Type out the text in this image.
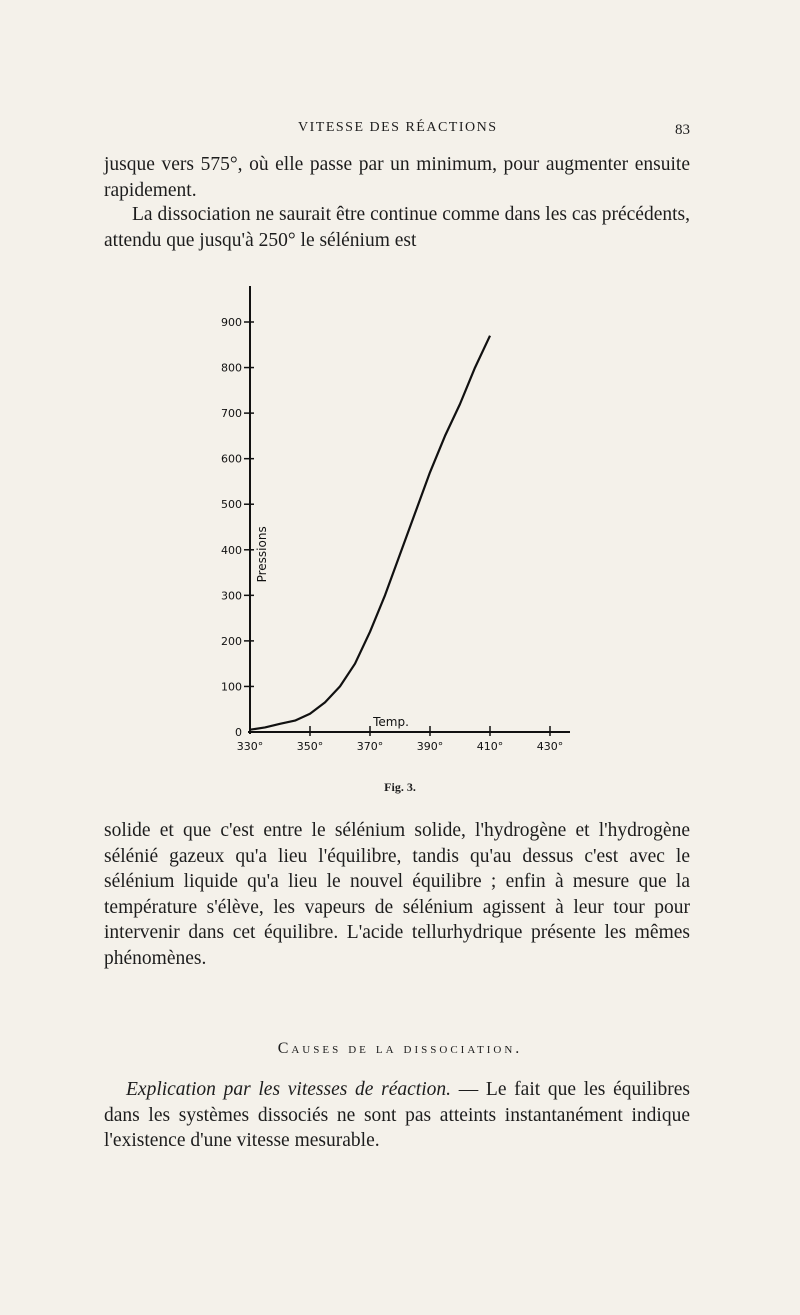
VITESSE DES RÉACTIONS	83

jusque vers 575°, où elle passe par un minimum, pour augmenter ensuite rapidement.

La dissociation ne saurait être continue comme dans les cas précédents, attendu que jusqu'à 250° le sélénium est

0
100
200
300
400
500
600
700
800
900
330°	350°	370°	390°	410°	430°
Pressions
Temp.
Fig. 3.

solide et que c'est entre le sélénium solide, l'hydrogène et l'hydrogène sélénié gazeux qu'a lieu l'équilibre, tandis qu'au dessus c'est avec le sélénium liquide qu'a lieu le nouvel équilibre ; enfin à mesure que la température s'élève, les vapeurs de sélénium agissent à leur tour pour intervenir dans cet équilibre. L'acide tellurhydrique présente les mêmes phénomènes.

Causes de la dissociation.

Explication par les vitesses de réaction. — Le fait que les équilibres dans les systèmes dissociés ne sont pas atteints instantanément indique l'existence d'une vitesse mesurable.
